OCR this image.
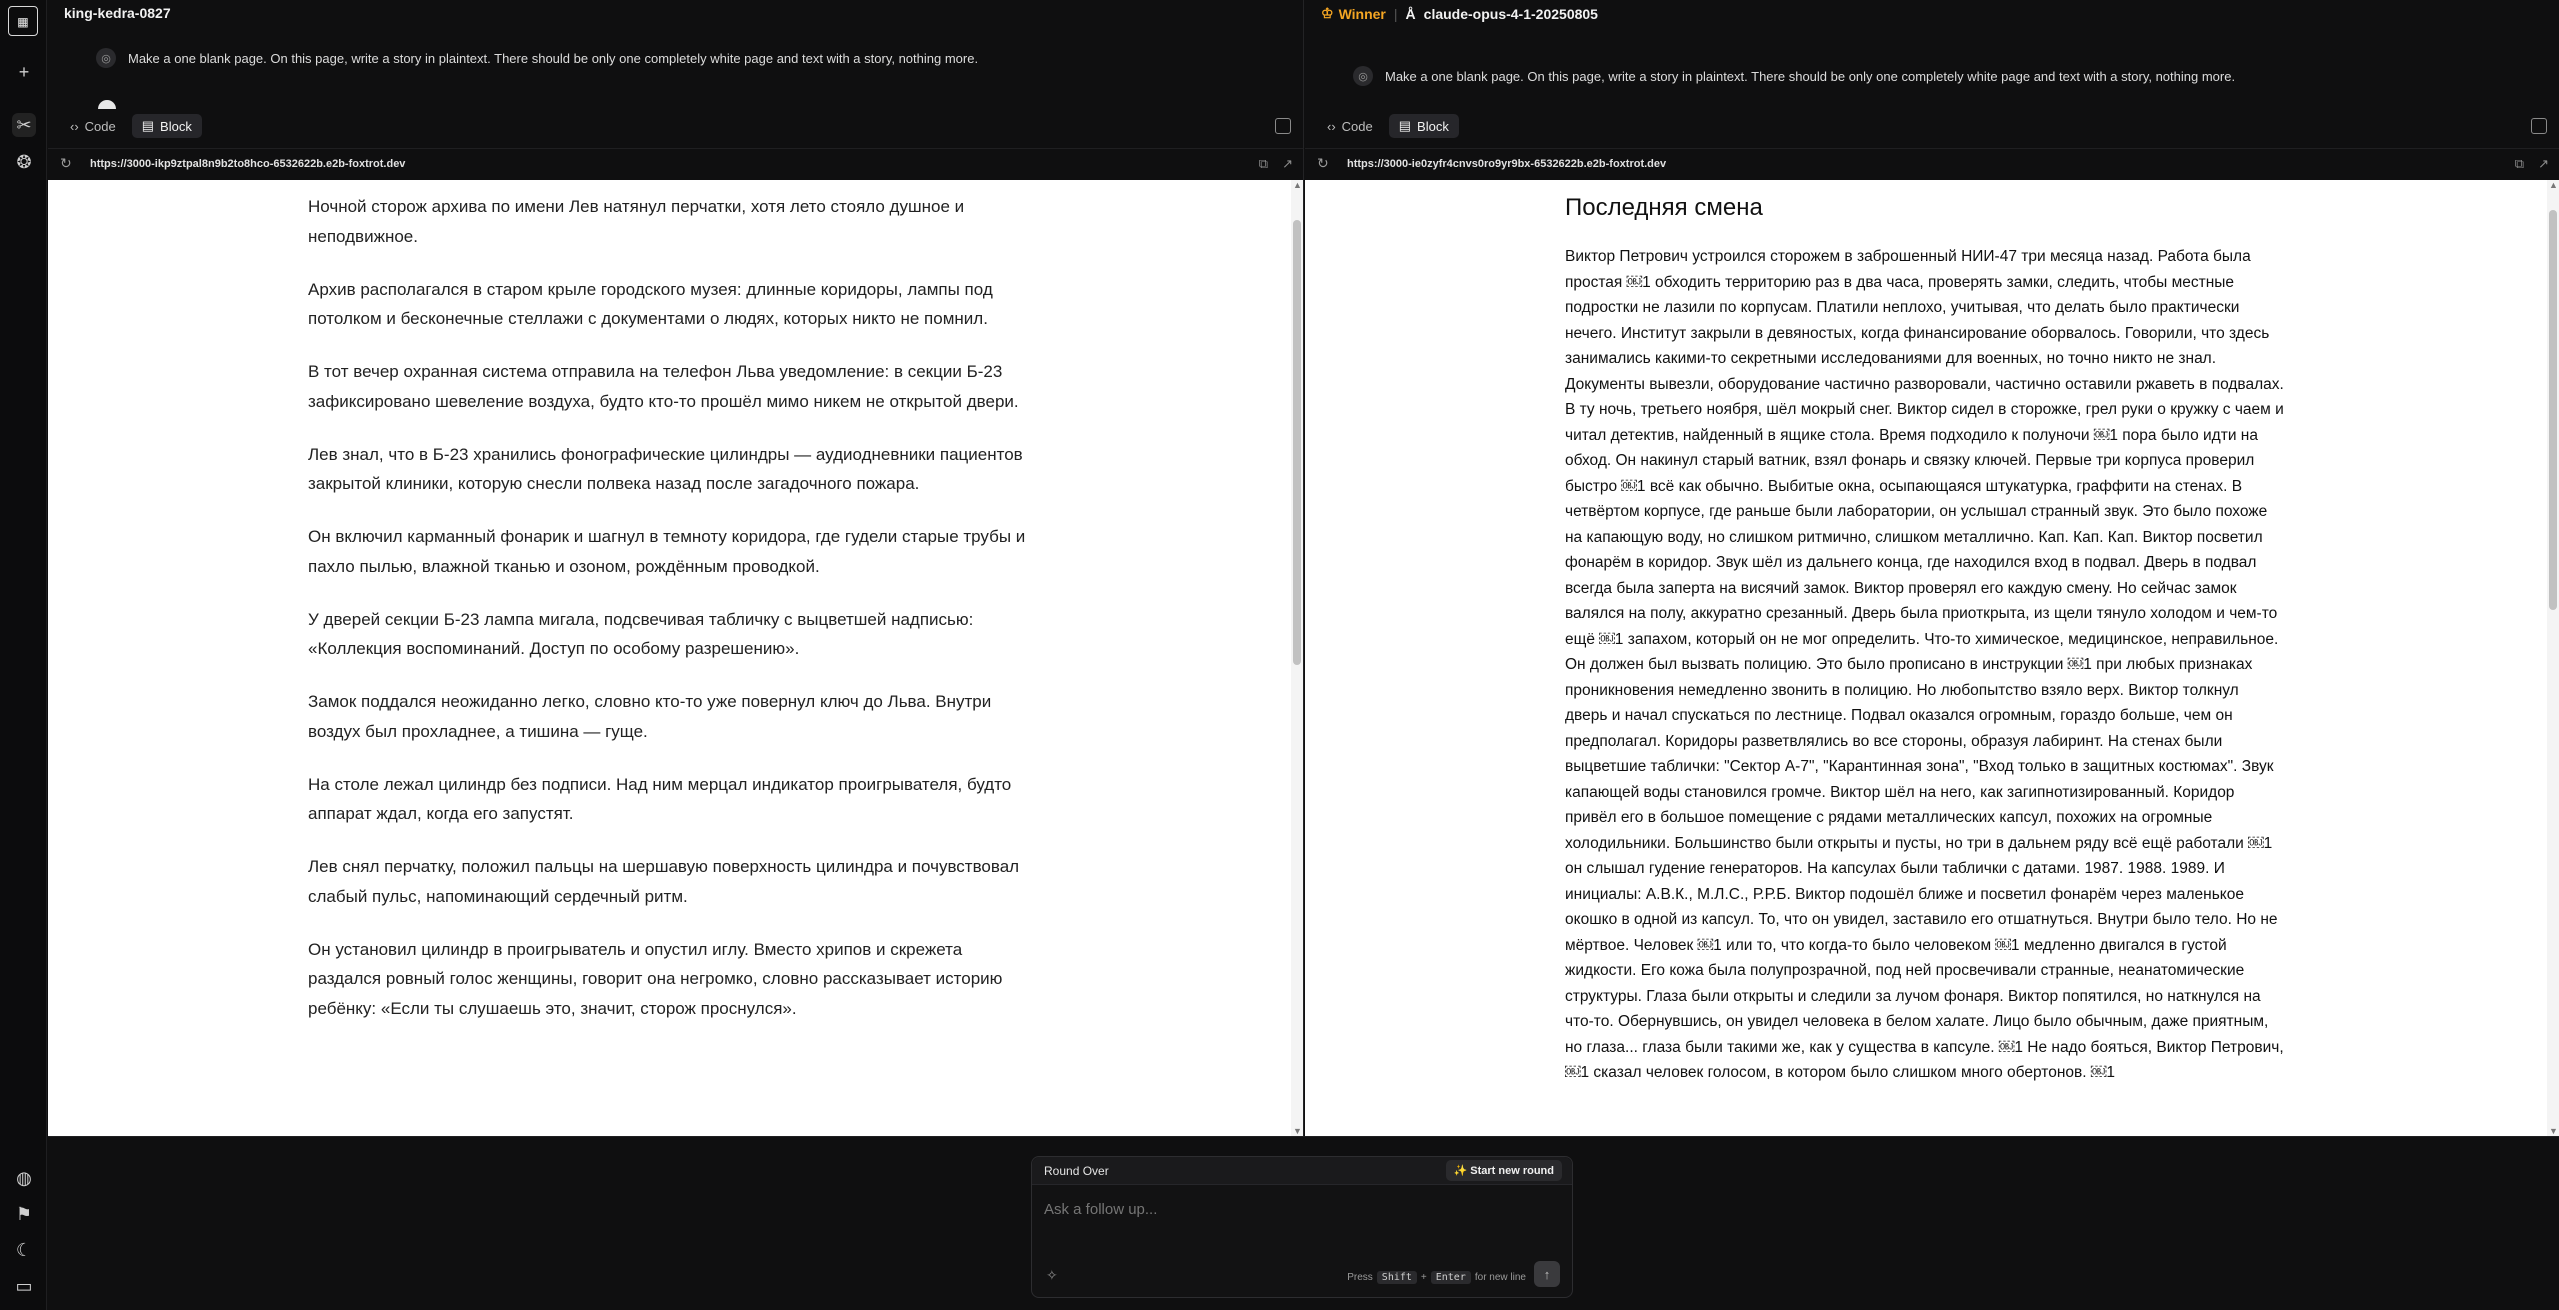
▦
+
✂
❂
◍
⚑
☾
▭
king-kedra-0827
◎	Make a one blank page. On this page, write a story in plaintext. There should be only one completely white page and text with a story, nothing more.
‹› Code ▤ Block
↻	https://3000-ikp9ztpal8n9b2to8hco-6532622b.e2b-foxtrot.dev	⧉ ↗

Ночной сторож архива по имени Лев натянул перчатки, хотя лето стояло душное и неподвижное.

Архив располагался в старом крыле городского музея: длинные коридоры, лампы под потолком и бесконечные стеллажи с документами о людях, которых никто не помнил.

В тот вечер охранная система отправила на телефон Льва уведомление: в секции Б-23 зафиксировано шевеление воздуха, будто кто-то прошёл мимо никем не открытой двери.

Лев знал, что в Б-23 хранились фонографические цилиндры — аудиодневники пациентов закрытой клиники, которую снесли полвека назад после загадочного пожара.

Он включил карманный фонарик и шагнул в темноту коридора, где гудели старые трубы и пахло пылью, влажной тканью и озоном, рождённым проводкой.

У дверей секции Б-23 лампа мигала, подсвечивая табличку с выцветшей надписью: «Коллекция воспоминаний. Доступ по особому разрешению».

Замок поддался неожиданно легко, словно кто-то уже повернул ключ до Льва. Внутри воздух был прохладнее, а тишина — гуще.

На столе лежал цилиндр без подписи. Над ним мерцал индикатор проигрывателя, будто аппарат ждал, когда его запустят.

Лев снял перчатку, положил пальцы на шершавую поверхность цилиндра и почувствовал слабый пульс, напоминающий сердечный ритм.

Он установил цилиндр в проигрыватель и опустил иглу. Вместо хрипов и скрежета раздался ровный голос женщины, говорит она негромко, словно рассказывает историю ребёнку: «Если ты слушаешь это, значит, сторож проснулся».

▲
▼
♔ Winner | Å claude-opus-4-1-20250805
◎	Make a one blank page. On this page, write a story in plaintext. There should be only one completely white page and text with a story, nothing more.
‹› Code ▤ Block
↻	https://3000-ie0zyfr4cnvs0ro9yr9bx-6532622b.e2b-foxtrot.dev	⧉ ↗
Последняя смена
Виктор Петрович устроился сторожем в заброшенный НИИ-47 три месяца назад. Работа была простая ￼1 обходить территорию раз в два часа, проверять замки, следить, чтобы местные подростки не лазили по корпусам. Платили неплохо, учитывая, что делать было практически нечего. Институт закрыли в девяностых, когда финансирование оборвалось. Говорили, что здесь занимались какими-то секретными исследованиями для военных, но точно никто не знал. Документы вывезли, оборудование частично разворовали, частично оставили ржаветь в подвалах. В ту ночь, третьего ноября, шёл мокрый снег. Виктор сидел в сторожке, грел руки о кружку с чаем и читал детектив, найденный в ящике стола. Время подходило к полуночи ￼1 пора было идти на обход. Он накинул старый ватник, взял фонарь и связку ключей. Первые три корпуса проверил быстро ￼1 всё как обычно. Выбитые окна, осыпающаяся штукатурка, граффити на стенах. В четвёртом корпусе, где раньше были лаборатории, он услышал странный звук. Это было похоже на капающую воду, но слишком ритмично, слишком металлично. Кап. Кап. Кап. Виктор посветил фонарём в коридор. Звук шёл из дальнего конца, где находился вход в подвал. Дверь в подвал всегда была заперта на висячий замок. Виктор проверял его каждую смену. Но сейчас замок валялся на полу, аккуратно срезанный. Дверь была приоткрыта, из щели тянуло холодом и чем-то ещё ￼1 запахом, который он не мог определить. Что-то химическое, медицинское, неправильное. Он должен был вызвать полицию. Это было прописано в инструкции ￼1 при любых признаках проникновения немедленно звонить в полицию. Но любопытство взяло верх. Виктор толкнул дверь и начал спускаться по лестнице. Подвал оказался огромным, гораздо больше, чем он предполагал. Коридоры разветвлялись во все стороны, образуя лабиринт. На стенах были выцветшие таблички: "Сектор А-7", "Карантинная зона", "Вход только в защитных костюмах". Звук капающей воды становился громче. Виктор шёл на него, как загипнотизированный. Коридор привёл его в большое помещение с рядами металлических капсул, похожих на огромные холодильники. Большинство были открыты и пусты, но три в дальнем ряду всё ещё работали ￼1 он слышал гудение генераторов. На капсулах были таблички с датами. 1987. 1988. 1989. И инициалы: А.В.К., М.Л.С., Р.Р.Б. Виктор подошёл ближе и посветил фонарём через маленькое окошко в одной из капсул. То, что он увидел, заставило его отшатнуться. Внутри было тело. Но не мёртвое. Человек ￼1 или то, что когда-то было человеком ￼1 медленно двигался в густой жидкости. Его кожа была полупрозрачной, под ней просвечивали странные, неанатомические структуры. Глаза были открыты и следили за лучом фонаря. Виктор попятился, но наткнулся на что-то. Обернувшись, он увидел человека в белом халате. Лицо было обычным, даже приятным, но глаза... глаза были такими же, как у существа в капсуле. ￼1 Не надо бояться, Виктор Петрович, ￼1 сказал человек голосом, в котором было слишком много обертонов. ￼1
▲
▼
Round Over	✨ Start new round
Ask a follow up...
✧	Press Shift + Enter for new line ↑
